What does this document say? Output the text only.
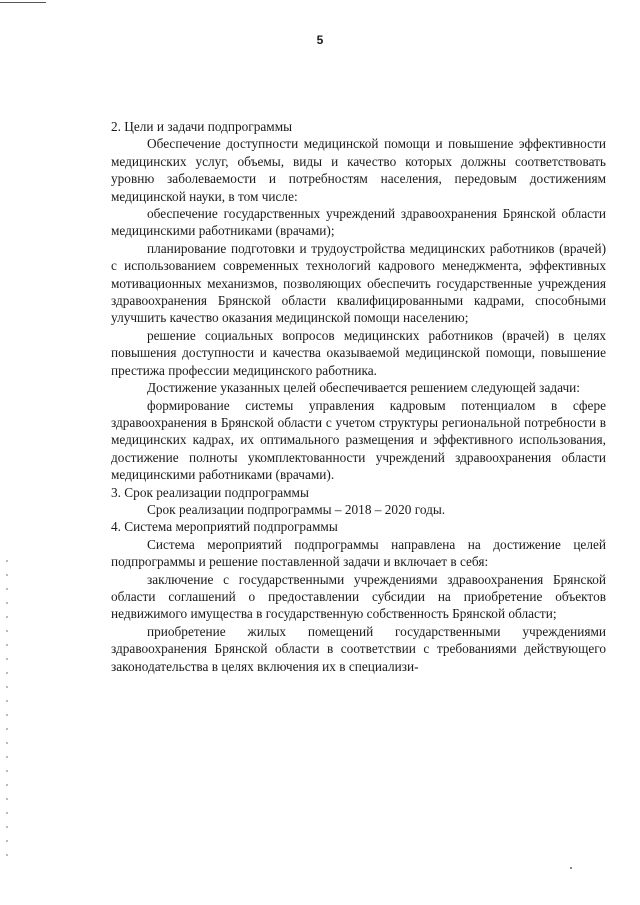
5

2. Цели и задачи подпрограммы

Обеспечение доступности медицинской помощи и повышение эффективности медицинских услуг, объемы, виды и качество которых должны соответствовать уровню заболеваемости и потребностям населения, передовым достижениям медицинской науки, в том числе:

обеспечение государственных учреждений здравоохранения Брянской области медицинскими работниками (врачами);

планирование подготовки и трудоустройства медицинских работников (врачей) с использованием современных технологий кадрового менеджмента, эффективных мотивационных механизмов, позволяющих обеспечить государственные учреждения здравоохранения Брянской области квалифицированными кадрами, способными улучшить качество оказания медицинской помощи населению;

решение социальных вопросов медицинских работников (врачей) в целях повышения доступности и качества оказываемой медицинской помощи, повышение престижа профессии медицинского работника.

Достижение указанных целей обеспечивается решением следующей задачи:

формирование системы управления кадровым потенциалом в сфере здравоохранения в Брянской области с учетом структуры региональной потребности в медицинских кадрах, их оптимального размещения и эффективного использования, достижение полноты укомплектованности учреждений здравоохранения области медицинскими работниками (врачами).

3. Срок реализации подпрограммы

Срок реализации подпрограммы – 2018 – 2020 годы.

4. Система мероприятий подпрограммы

Система мероприятий подпрограммы направлена на достижение целей подпрограммы и решение поставленной задачи и включает в себя:

заключение с государственными учреждениями здравоохранения Брянской области соглашений о предоставлении субсидии на приобретение объектов недвижимого имущества в государственную собственность Брянской области;

приобретение жилых помещений государственными учреждениями здравоохранения Брянской области в соответствии с требованиями действующего законодательства в целях включения их в специализи-
